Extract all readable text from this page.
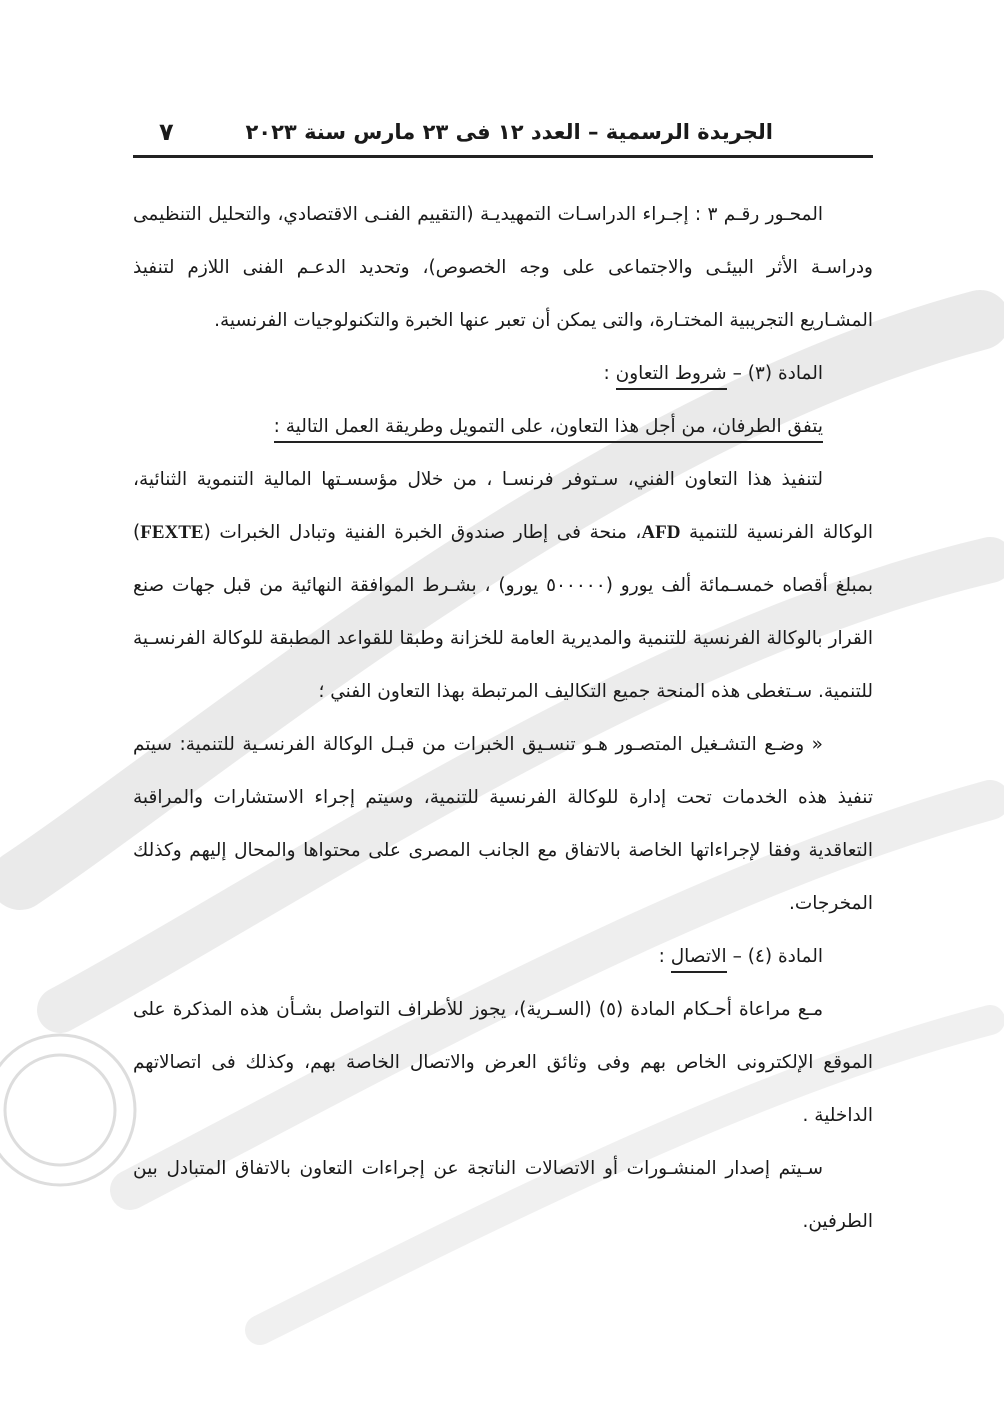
الجريدة الرسمية – العدد ١٢ فى ٢٣ مارس سنة ٢٠٢٣
٧

المحـور رقـم ٣ : إجـراء الدراسـات التمهيديـة (التقييم الفنـى الاقتصادي، والتحليل التنظيمى ودراسـة الأثر البيئـى والاجتماعى على وجه الخصوص)، وتحديد الدعـم الفنى اللازم لتنفيذ المشـاريع التجريبية المختـارة، والتى يمكن أن تعبر عنها الخبرة والتكنولوجيات الفرنسية.

المادة (٣) – شروط التعاون :

يتفق الطرفان، من أجل هذا التعاون، على التمويل وطريقة العمل التالية :

لتنفيذ هذا التعاون الفني، سـتوفر فرنسـا ، من خلال مؤسسـتها المالية التنموية الثنائية، الوكالة الفرنسية للتنمية AFD، منحة فى إطار صندوق الخبرة الفنية وتبادل الخبرات (FEXTE) بمبلغ أقصاه خمسـمائة ألف يورو (٥٠٠٠٠٠ يورو) ، بشـرط الموافقة النهائية من قبل جهات صنع القرار بالوكالة الفرنسية للتنمية والمديرية العامة للخزانة وطبقا للقواعد المطبقة للوكالة الفرنسـية للتنمية. سـتغطى هذه المنحة جميع التكاليف المرتبطة بهذا التعاون الفني ؛

« وضـع التشـغيل المتصـور هـو تنسـيق الخبرات من قبـل الوكالة الفرنسـية للتنمية: سيتم تنفيذ هذه الخدمات تحت إدارة للوكالة الفرنسية للتنمية، وسيتم إجراء الاستشارات والمراقبة التعاقدية وفقا لإجراءاتها الخاصة بالاتفاق مع الجانب المصرى على محتواها والمحال إليهم وكذلك المخرجات.

المادة (٤) – الاتصال :

مـع مراعاة أحـكام المادة (٥) (السـرية)، يجوز للأطراف التواصل بشـأن هذه المذكرة على الموقع الإلكترونى الخاص بهم وفى وثائق العرض والاتصال الخاصة بهم، وكذلك فى اتصالاتهم الداخلية .

سـيتم إصدار المنشـورات أو الاتصالات الناتجة عن إجراءات التعاون بالاتفاق المتبادل بين الطرفين.
